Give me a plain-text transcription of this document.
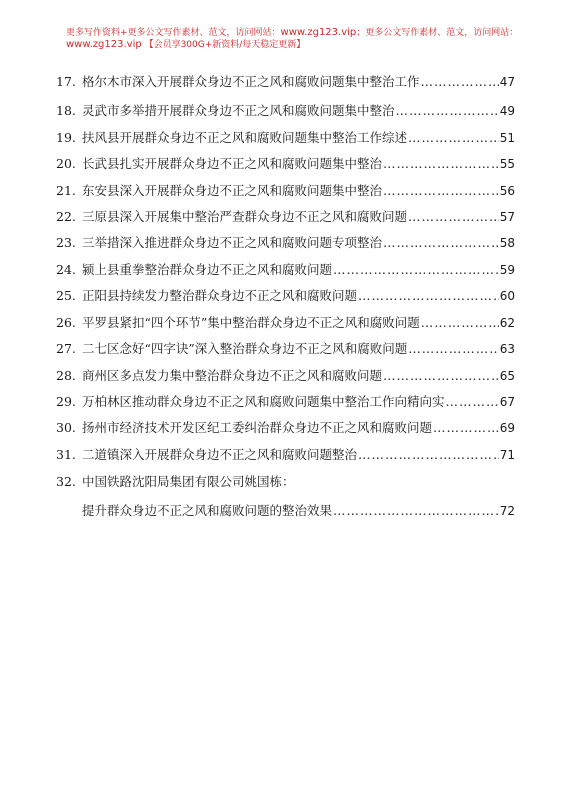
更多写作资料+更多公文写作素材、范文，访问网站：www.zg123.vip；更多公文写作素材、范文，访问网站：
www.zg123.vip 【会员享300G+新资料/每天稳定更新】
17. 格尔木市深入开展群众身边不正之风和腐败问题集中整治工作 …………………………………………………………………………………………………………	47
18. 灵武市多举措开展群众身边不正之风和腐败问题集中整治 …………………………………………………………………………………………………………	49
19. 扶风县开展群众身边不正之风和腐败问题集中整治工作综述 …………………………………………………………………………………………………………	51
20. 长武县扎实开展群众身边不正之风和腐败问题集中整治 …………………………………………………………………………………………………………	55
21. 东安县深入开展群众身边不正之风和腐败问题集中整治 …………………………………………………………………………………………………………	56
22. 三原县深入开展集中整治严查群众身边不正之风和腐败问题 …………………………………………………………………………………………………………	57
23. 三举措深入推进群众身边不正之风和腐败问题专项整治 …………………………………………………………………………………………………………	58
24. 颍上县重拳整治群众身边不正之风和腐败问题 …………………………………………………………………………………………………………	59
25. 正阳县持续发力整治群众身边不正之风和腐败问题 …………………………………………………………………………………………………………	60
26. 平罗县紧扣“四个环节”集中整治群众身边不正之风和腐败问题 …………………………………………………………………………………………………………	62
27. 二七区念好“四字诀”深入整治群众身边不正之风和腐败问题 …………………………………………………………………………………………………………	63
28. 商州区多点发力集中整治群众身边不正之风和腐败问题 …………………………………………………………………………………………………………	65
29. 万柏林区推动群众身边不正之风和腐败问题集中整治工作向精向实 …………………………………………………………………………………………………………	67
30. 扬州市经济技术开发区纪工委纠治群众身边不正之风和腐败问题 …………………………………………………………………………………………………………	69
31. 二道镇深入开展群众身边不正之风和腐败问题整治 …………………………………………………………………………………………………………	71
32. 中国铁路沈阳局集团有限公司姚国栋：
提升群众身边不正之风和腐败问题的整治效果 …………………………………………………………………………………………………………	72
